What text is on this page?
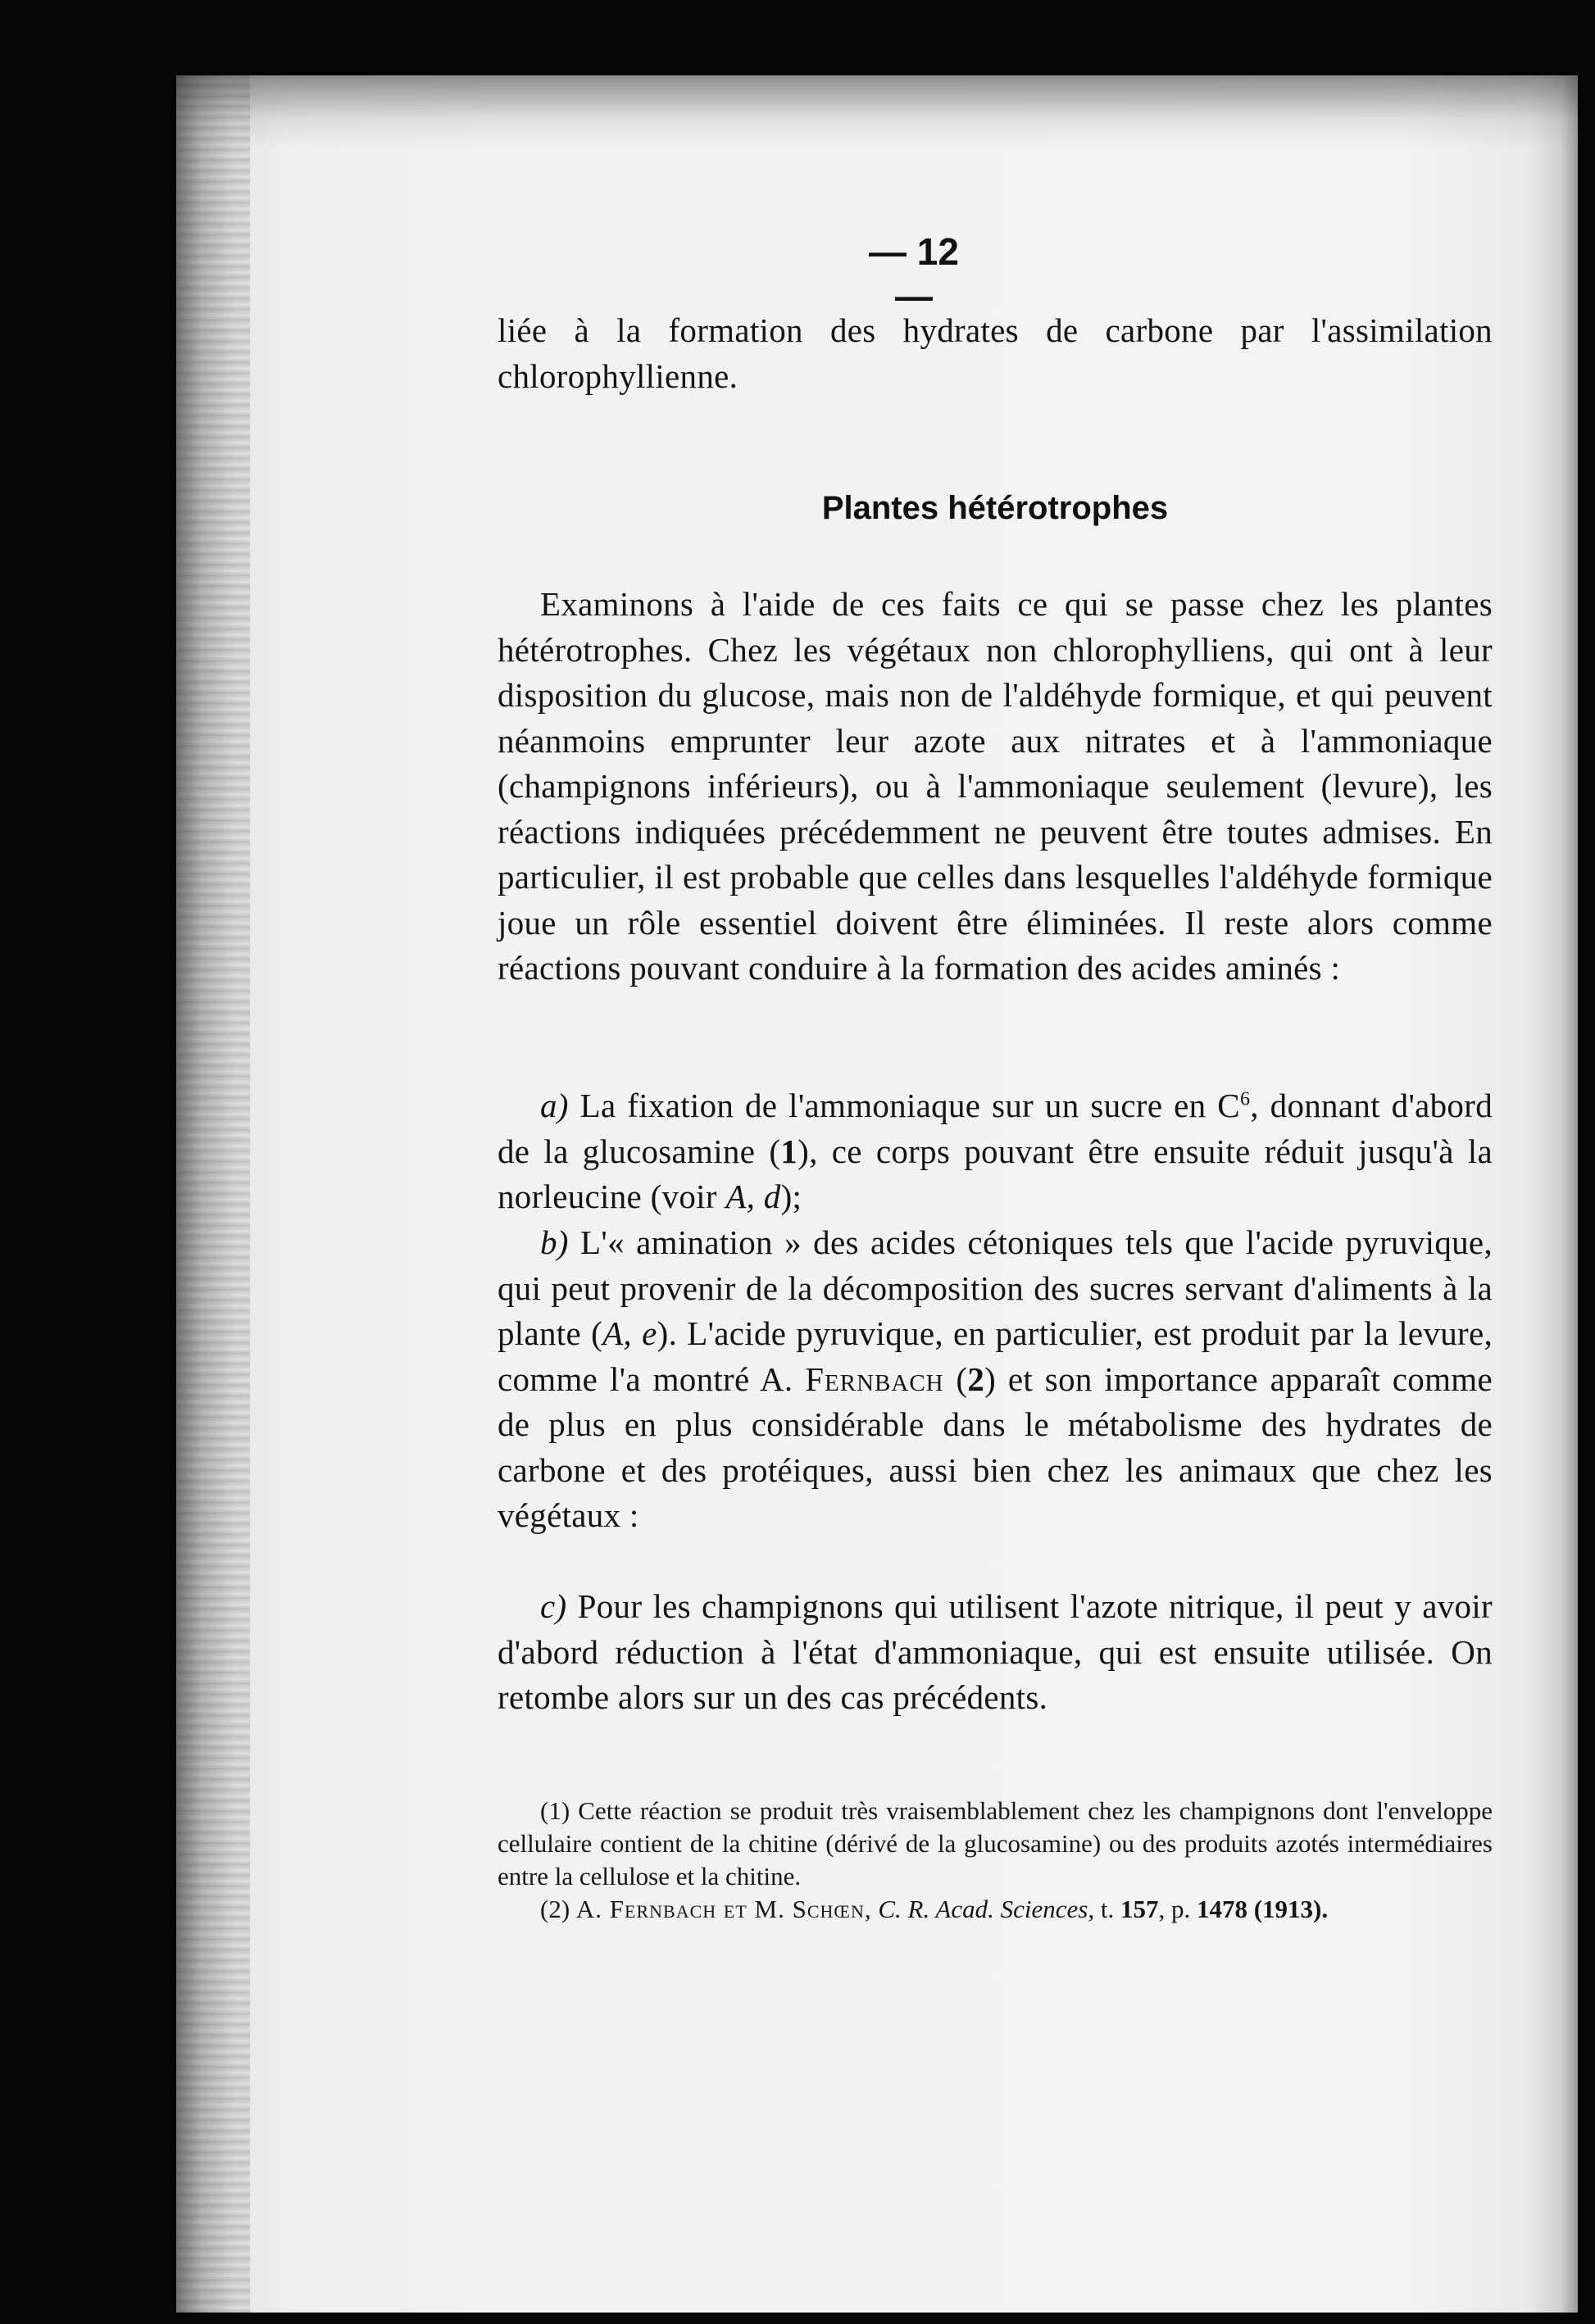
— 12 —

liée à la formation des hydrates de carbone par l'assimilation chlorophyllienne.

Plantes hétérotrophes

Examinons à l'aide de ces faits ce qui se passe chez les plantes hétérotrophes. Chez les végétaux non chlorophylliens, qui ont à leur disposition du glucose, mais non de l'aldéhyde formique, et qui peuvent néanmoins emprunter leur azote aux nitrates et à l'ammoniaque (champignons inférieurs), ou à l'ammoniaque seulement (levure), les réactions indiquées précédemment ne peuvent être toutes admises. En particulier, il est probable que celles dans lesquelles l'aldéhyde formique joue un rôle essentiel doivent être éliminées. Il reste alors comme réactions pouvant conduire à la formation des acides aminés :

a) La fixation de l'ammoniaque sur un sucre en $C^6$, donnant d'abord de la glucosamine (1), ce corps pouvant être ensuite réduit jusqu'à la norleucine (voir A, d);

b) L'« amination » des acides cétoniques tels que l'acide pyruvique, qui peut provenir de la décomposition des sucres servant d'aliments à la plante (A, e). L'acide pyruvique, en particulier, est produit par la levure, comme l'a montré A. Fernbach (2) et son importance apparaît comme de plus en plus considérable dans le métabolisme des hydrates de carbone et des protéiques, aussi bien chez les animaux que chez les végétaux :

c) Pour les champignons qui utilisent l'azote nitrique, il peut y avoir d'abord réduction à l'état d'ammoniaque, qui est ensuite utilisée. On retombe alors sur un des cas précédents.

(1) Cette réaction se produit très vraisemblablement chez les champignons dont l'enveloppe cellulaire contient de la chitine (dérivé de la glucosamine) ou des produits azotés intermédiaires entre la cellulose et la chitine.

(2) A. Fernbach et M. Schœn, C. R. Acad. Sciences, t. 157, p. 1478 (1913).
